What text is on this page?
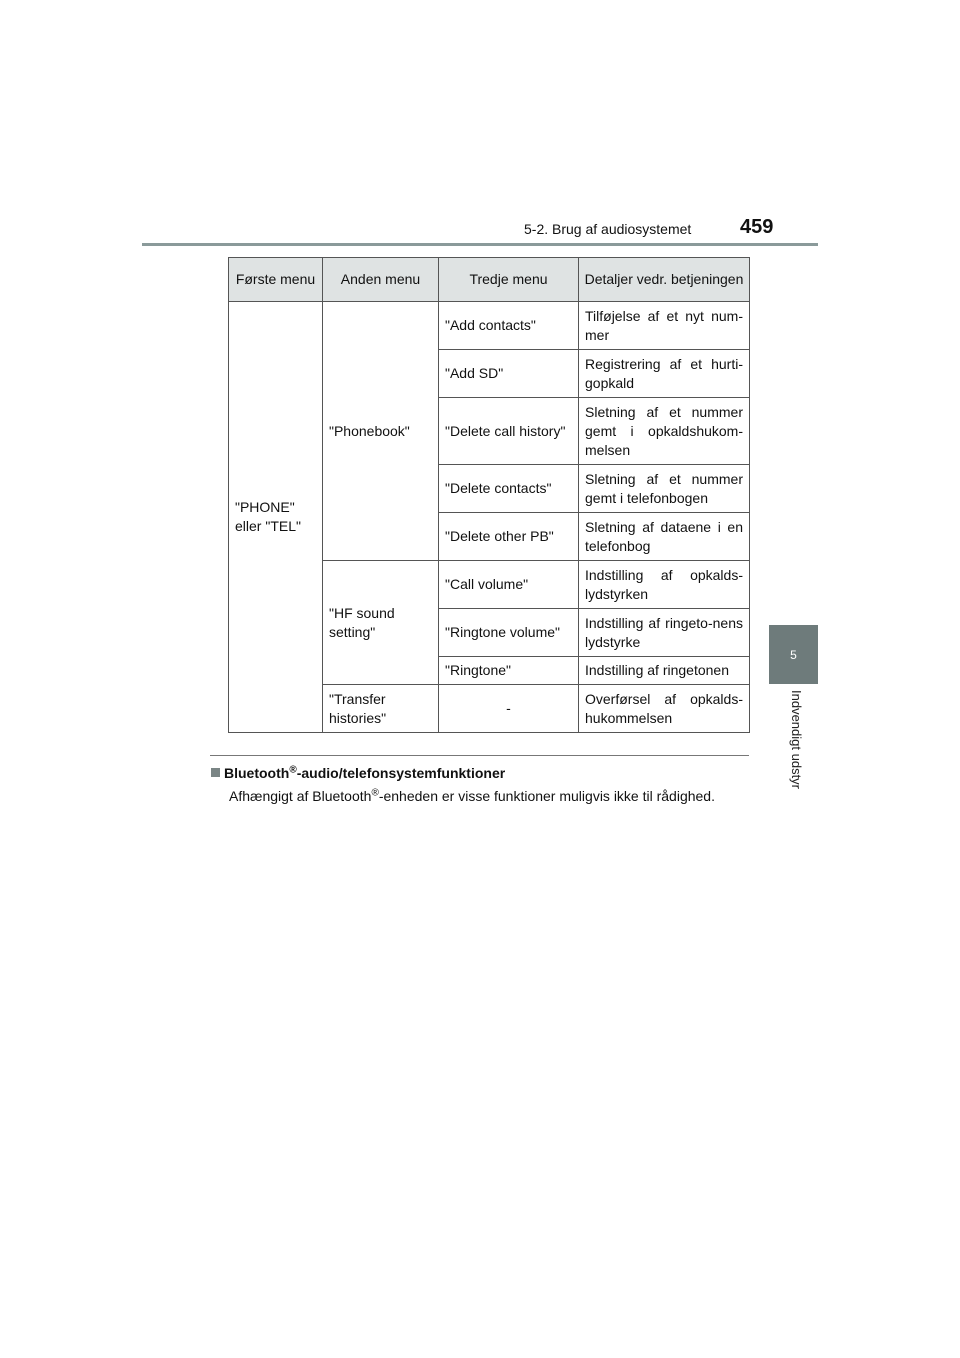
5-2. Brug af audiosystemet 459
5
Indvendigt udstyr
Første menu	Anden menu	Tredje menu	Detaljer vedr. betjeningen
"PHONE" eller "TEL"	"Phonebook"	"Add contacts"	Tilføjelse af et nyt num-mer
		"Add SD"	Registrering af et hurti-gopkald
		"Delete call history"	Sletning af et nummer gemt i opkaldshukom-melsen
		"Delete contacts"	Sletning af et nummer gemt i telefonbogen
		"Delete other PB"	Sletning af dataene i en telefonbog
	"HF sound setting"	"Call volume"	Indstilling af opkalds-lydstyrken
		"Ringtone volume"	Indstilling af ringeto-nens lydstyrke
		"Ringtone"	Indstilling af ringetonen
	"Transfer histories"	-	Overførsel af opkalds-hukommelsen
Bluetooth®-audio/telefonsystemfunktioner
Afhængigt af Bluetooth®-enheden er visse funktioner muligvis ikke til rådighed.
